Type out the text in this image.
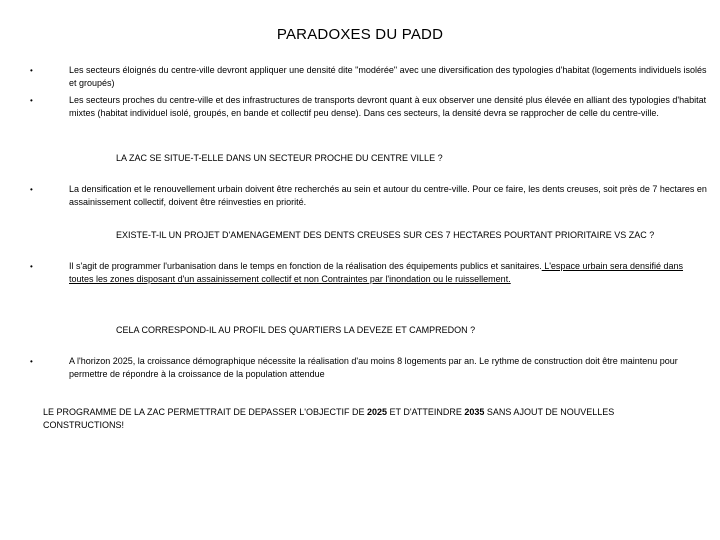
PARADOXES DU PADD
•	Les secteurs éloignés du centre-ville devront appliquer une densité dite "modérée" avec une diversification des typologies d'habitat (logements individuels isolés et groupés)
•	Les secteurs proches du centre-ville et des infrastructures de transports devront quant à eux observer une densité plus élevée en alliant des typologies d'habitat mixtes (habitat individuel isolé, groupés, en bande et collectif peu dense). Dans ces secteurs, la densité devra se rapprocher de celle du centre-ville.
LA ZAC SE SITUE-T-ELLE DANS UN SECTEUR PROCHE DU CENTRE VILLE ?
•	La densification et le renouvellement urbain doivent être recherchés au sein et autour du centre-ville. Pour ce faire, les dents creuses, soit près de 7 hectares en assainissement collectif, doivent être réinvesties en priorité.
EXISTE-T-IL UN PROJET D'AMENAGEMENT DES DENTS CREUSES SUR CES 7 HECTARES POURTANT PRIORITAIRE VS ZAC ?
•	Il s'agit de programmer l'urbanisation dans le temps en fonction de la réalisation des équipements publics et sanitaires. L'espace urbain sera densifié dans toutes les zones disposant d'un assainissement collectif et non Contraintes par l'inondation ou le ruissellement.
CELA CORRESPOND-IL AU PROFIL DES QUARTIERS LA DEVEZE ET CAMPREDON ?
•	A l'horizon 2025, la croissance démographique nécessite la réalisation d'au moins 8 logements par an. Le rythme de construction doit être maintenu pour permettre de répondre à la croissance de la population attendue
LE PROGRAMME DE LA ZAC PERMETTRAIT DE DEPASSER L'OBJECTIF DE 2025 ET D'ATTEINDRE 2035 SANS AJOUT DE NOUVELLES CONSTRUCTIONS!
